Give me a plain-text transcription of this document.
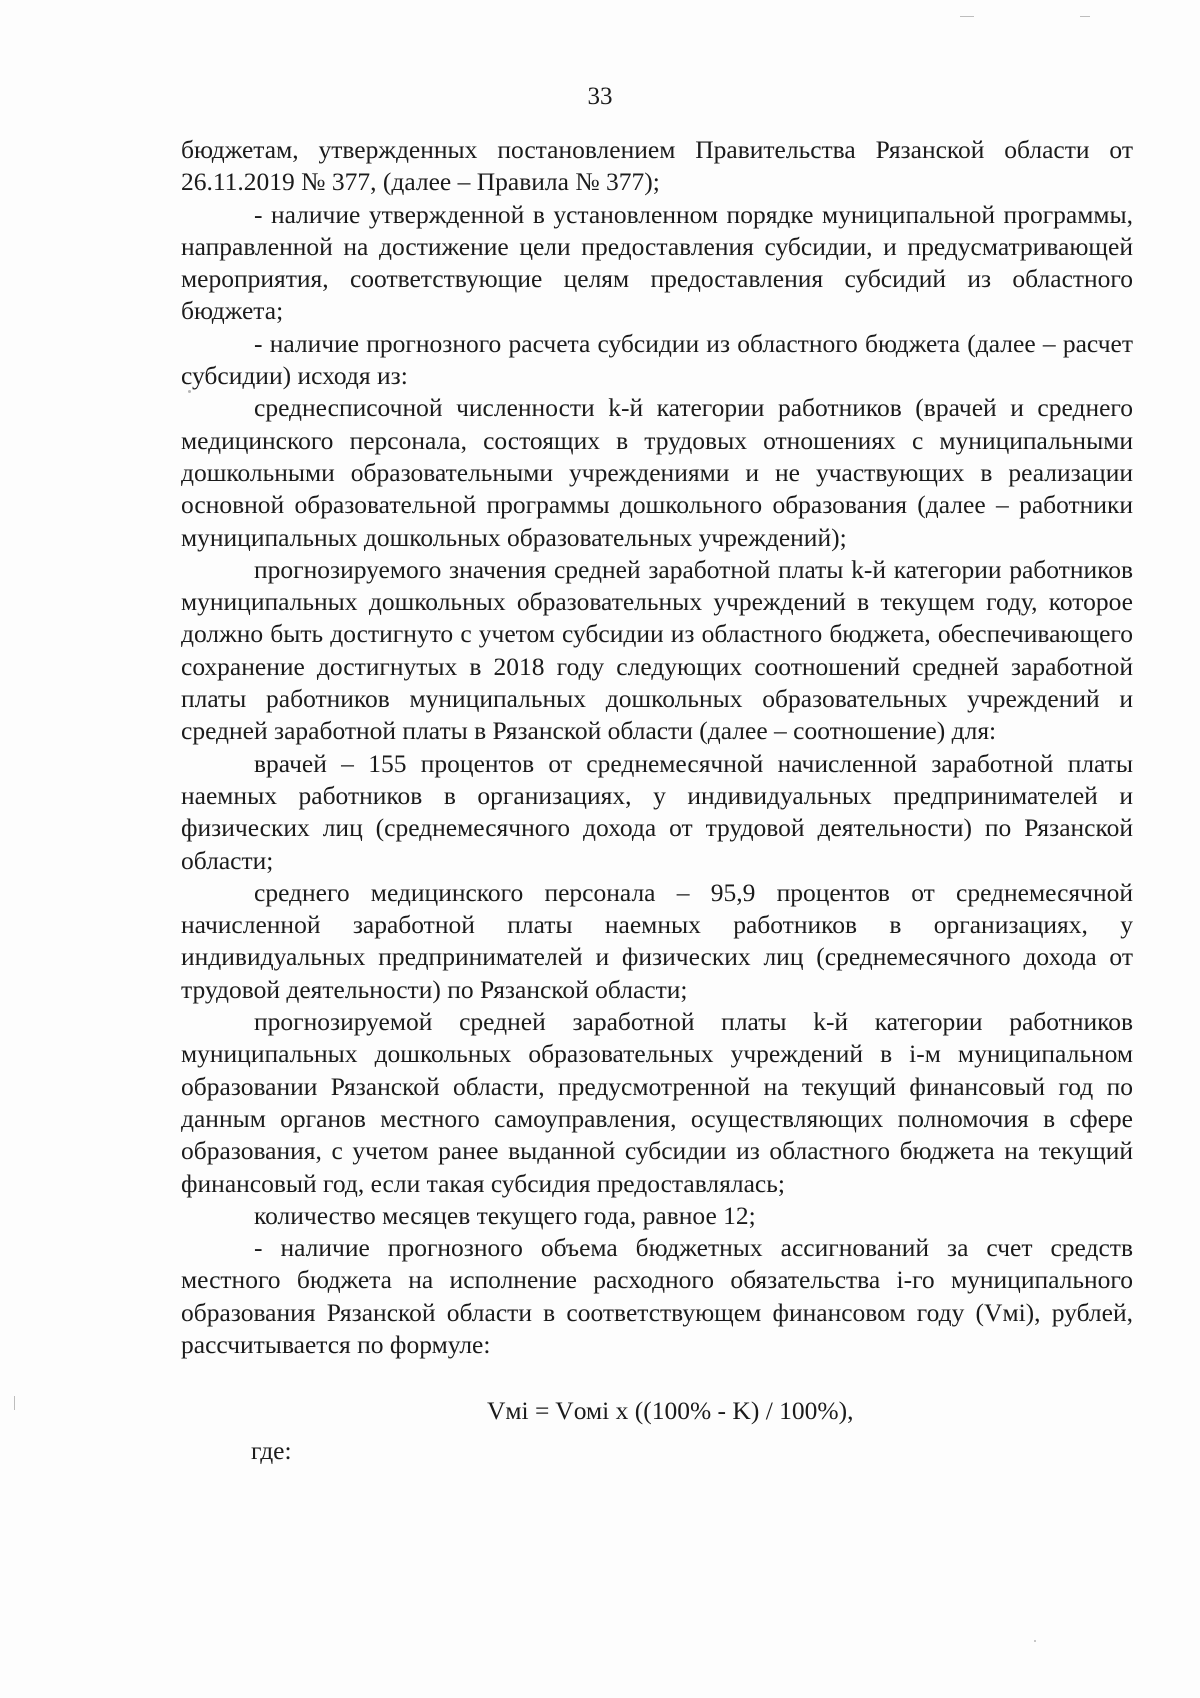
33

бюджетам, утвержденных постановлением Правительства Рязанской области от 26.11.2019 № 377, (далее – Правила № 377);

- наличие утвержденной в установленном порядке муниципальной программы, направленной на достижение цели предоставления субсидии, и предусматривающей мероприятия, соответствующие целям предоставления субсидий из областного бюджета;

- наличие прогнозного расчета субсидии из областного бюджета (далее – расчет субсидии) исходя из:

среднесписочной численности k-й категории работников (врачей и среднего медицинского персонала, состоящих в трудовых отношениях с муниципальными дошкольными образовательными учреждениями и не участвующих в реализации основной образовательной программы дошкольного образования (далее – работники муниципальных дошкольных образовательных учреждений);

прогнозируемого значения средней заработной платы k-й категории работников муниципальных дошкольных образовательных учреждений в текущем году, которое должно быть достигнуто с учетом субсидии из областного бюджета, обеспечивающего сохранение достигнутых в 2018 году следующих соотношений средней заработной платы работников муниципальных дошкольных образовательных учреждений и средней заработной платы в Рязанской области (далее – соотношение) для:

врачей – 155 процентов от среднемесячной начисленной заработной платы наемных работников в организациях, у индивидуальных предпринимателей и физических лиц (среднемесячного дохода от трудовой деятельности) по Рязанской области;

среднего медицинского персонала – 95,9 процентов от среднемесячной начисленной заработной платы наемных работников в организациях, у индивидуальных предпринимателей и физических лиц (среднемесячного дохода от трудовой деятельности) по Рязанской области;

прогнозируемой средней заработной платы k-й категории работников муниципальных дошкольных образовательных учреждений в i-м муниципальном образовании Рязанской области, предусмотренной на текущий финансовый год по данным органов местного самоуправления, осуществляющих полномочия в сфере образования, с учетом ранее выданной субсидии из областного бюджета на текущий финансовый год, если такая субсидия предоставлялась;

количество месяцев текущего года, равное 12;

- наличие прогнозного объема бюджетных ассигнований за счет средств местного бюджета на исполнение расходного обязательства i-го муниципального образования Рязанской области в соответствующем финансовом году (Vмi), рублей, рассчитывается по формуле:

Vмi = Vомi x ((100% - K) / 100%),

где:
